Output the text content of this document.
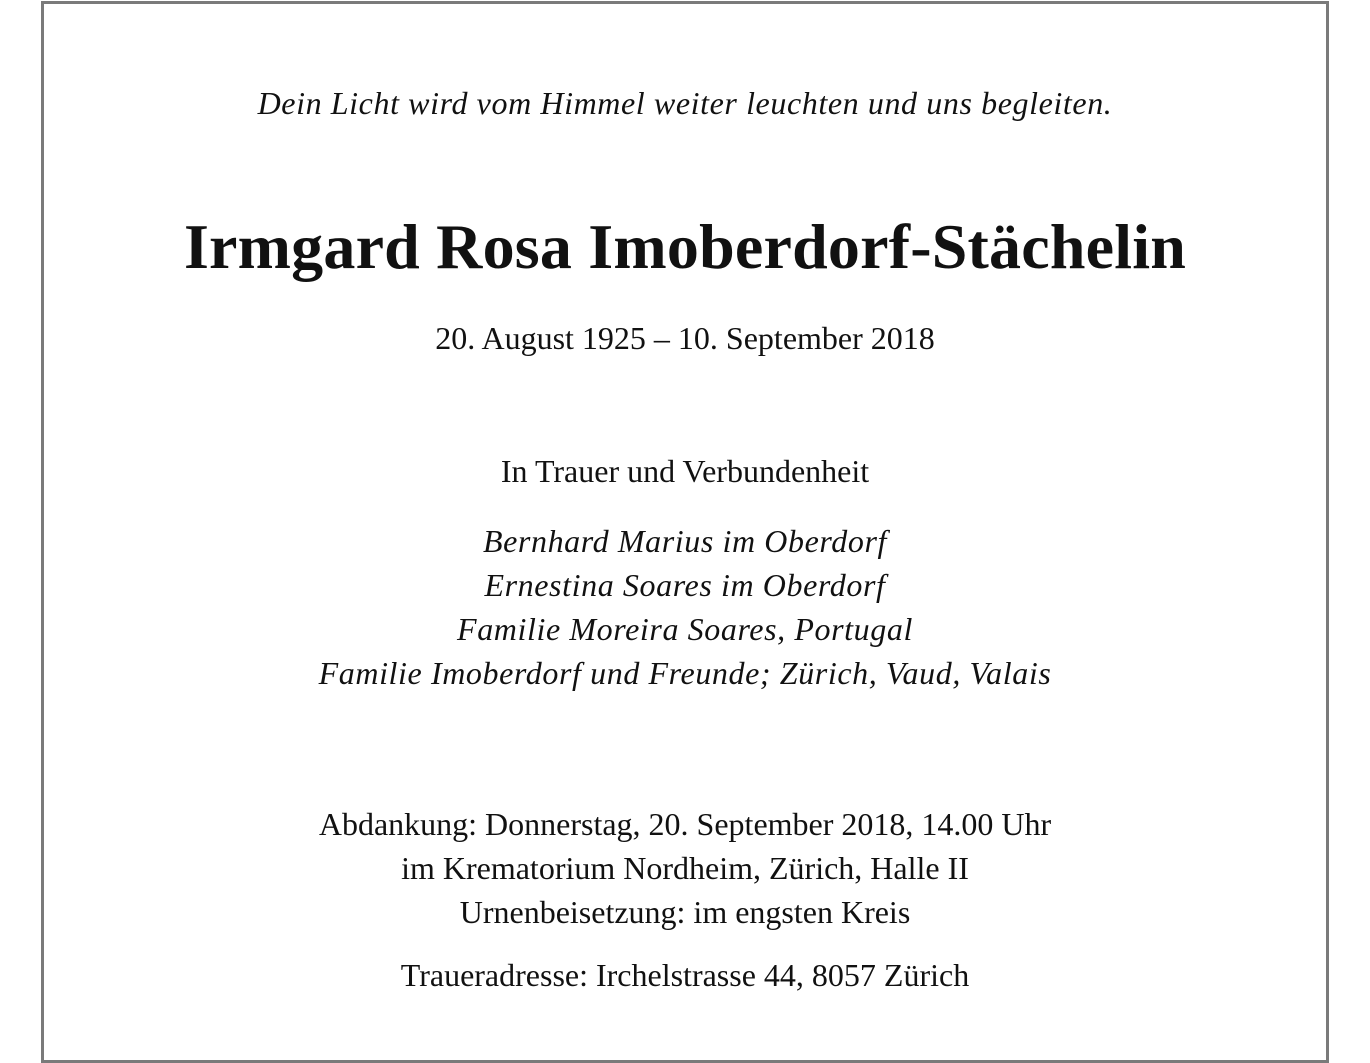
Dein Licht wird vom Himmel weiter leuchten und uns begleiten.
Irmgard Rosa Imoberdorf-Stächelin
20. August 1925 – 10. September 2018
In Trauer und Verbundenheit
Bernhard Marius im Oberdorf
Ernestina Soares im Oberdorf
Familie Moreira Soares, Portugal
Familie Imoberdorf und Freunde; Zürich, Vaud, Valais
Abdankung: Donnerstag, 20. September 2018, 14.00 Uhr
im Krematorium Nordheim, Zürich, Halle II
Urnenbeisetzung: im engsten Kreis
Traueradresse: Irchelstrasse 44, 8057 Zürich
